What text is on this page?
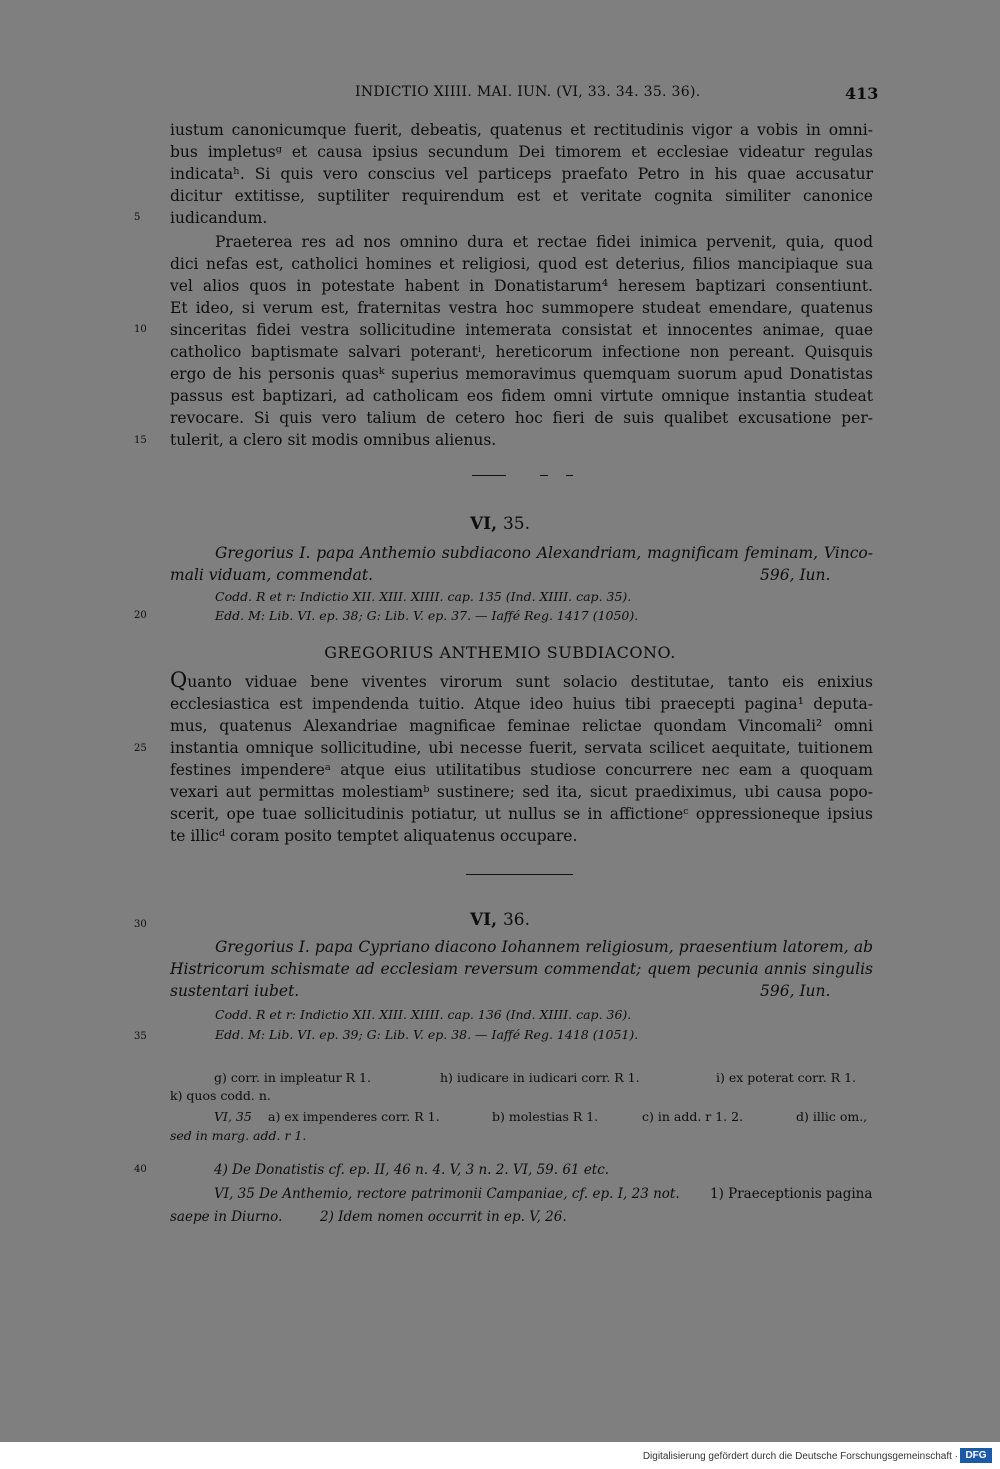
INDICTIO XIIII. MAI. IUN. (VI, 33. 34. 35. 36).	413
iustum canonicumque fuerit, debeatis, quatenus et rectitudinis vigor a vobis in omni-
bus impletusᵍ et causa ipsius secundum Dei timorem et ecclesiae videatur regulas
indicataʰ. Si quis vero conscius vel particeps praefato Petro in his quae accusatur
dicitur extitisse, suptiliter requirendum est et veritate cognita similiter canonice
iudicandum.
Praeterea res ad nos omnino dura et rectae fidei inimica pervenit, quia, quod
dici nefas est, catholici homines et religiosi, quod est deterius, filios mancipiaque sua
vel alios quos in potestate habent in Donatistarum⁴ heresem baptizari consentiunt.
Et ideo, si verum est, fraternitas vestra hoc summopere studeat emendare, quatenus
sinceritas fidei vestra sollicitudine intemerata consistat et innocentes animae, quae
catholico baptismate salvari poterantⁱ, hereticorum infectione non pereant. Quisquis
ergo de his personis quasᵏ superius memoravimus quemquam suorum apud Donatistas
passus est baptizari, ad catholicam eos fidem omni virtute omnique instantia studeat
revocare. Si quis vero talium de cetero hoc fieri de suis qualibet excusatione per-
tulerit, a clero sit modis omnibus alienus.
5
10
15
20
25
30
35
40
VI, 35.
Gregorius I. papa Anthemio subdiacono Alexandriam, magnificam feminam, Vinco-
mali viduam, commendat.	596, Iun.
Codd. R et r: Indictio XII. XIII. XIIII. cap. 135 (Ind. XIIII. cap. 35).
Edd. M: Lib. VI. ep. 38; G: Lib. V. ep. 37. — Iaffé Reg. 1417 (1050).
GREGORIUS ANTHEMIO SUBDIACONO.
Quanto viduae bene viventes virorum sunt solacio destitutae, tanto eis enixius
ecclesiastica est impendenda tuitio. Atque ideo huius tibi praecepti pagina¹ deputa-
mus, quatenus Alexandriae magnificae feminae relictae quondam Vincomali² omni
instantia omnique sollicitudine, ubi necesse fuerit, servata scilicet aequitate, tuitionem
festines impendereᵃ atque eius utilitatibus studiose concurrere nec eam a quoquam
vexari aut permittas molestiamᵇ sustinere; sed ita, sicut praediximus, ubi causa popo-
scerit, ope tuae sollicitudinis potiatur, ut nullus se in affictioneᶜ oppressioneque ipsius
te illicᵈ coram posito temptet aliquatenus occupare.
VI, 36.
Gregorius I. papa Cypriano diacono Iohannem religiosum, praesentium latorem, ab
Histricorum schismate ad ecclesiam reversum commendat; quem pecunia annis singulis
sustentari iubet.	596, Iun.
Codd. R et r: Indictio XII. XIII. XIIII. cap. 136 (Ind. XIIII. cap. 36).
Edd. M: Lib. VI. ep. 39; G: Lib. V. ep. 38. — Iaffé Reg. 1418 (1051).
g) corr. in impleatur R 1.	h) iudicare in iudicari corr. R 1.	i) ex poterat corr. R 1.
k) quos codd. n.
VI, 35 a) ex impenderes corr. R 1.	b) molestias R 1.	c) in add. r 1. 2.	d) illic om.,
sed in marg. add. r 1.
4) De Donatistis cf. ep. II, 46 n. 4. V, 3 n. 2. VI, 59. 61 etc.
VI, 35 De Anthemio, rectore patrimonii Campaniae, cf. ep. I, 23 not. 1) Praeceptionis pagina
saepe in Diurno.	2) Idem nomen occurrit in ep. V, 26.
Digitalisierung gefördert durch die Deutsche Forschungsgemeinschaft · DFG
